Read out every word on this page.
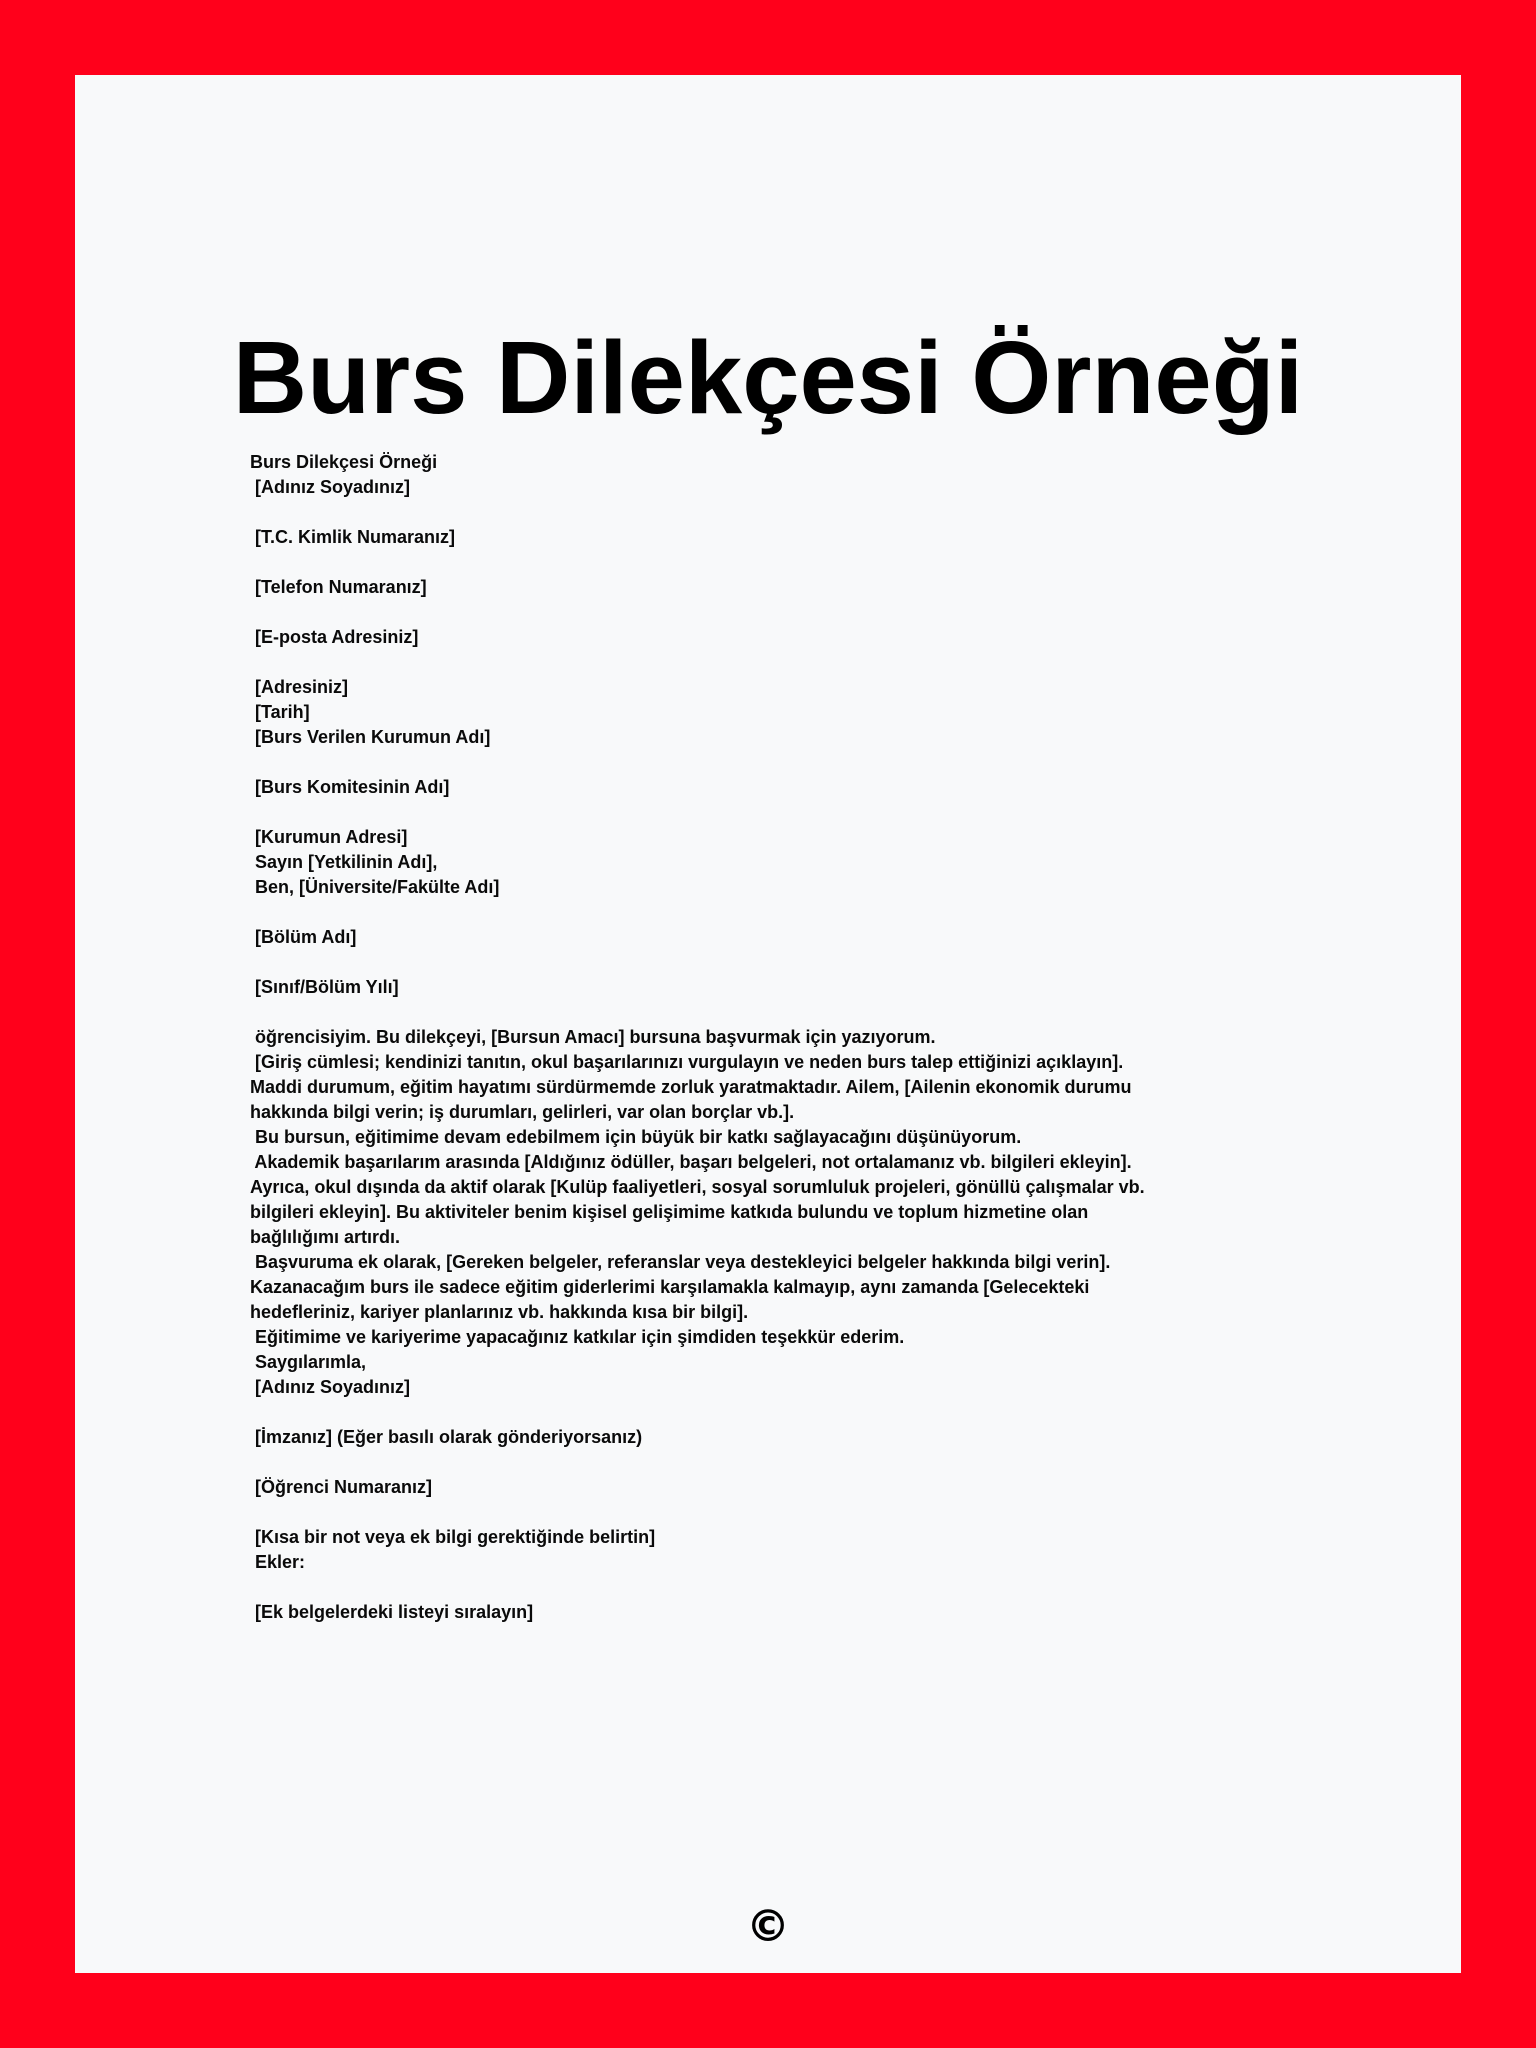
Burs Dilekçesi Örneği
Burs Dilekçesi Örneği
[Adınız Soyadınız]
[T.C. Kimlik Numaranız]
[Telefon Numaranız]
[E-posta Adresiniz]
[Adresiniz]
[Tarih]
[Burs Verilen Kurumun Adı]
[Burs Komitesinin Adı]
[Kurumun Adresi]
Sayın [Yetkilinin Adı],
Ben, [Üniversite/Fakülte Adı]
[Bölüm Adı]
[Sınıf/Bölüm Yılı]
öğrencisiyim. Bu dilekçeyi, [Bursun Amacı] bursuna başvurmak için yazıyorum.
[Giriş cümlesi; kendinizi tanıtın, okul başarılarınızı vurgulayın ve neden burs talep ettiğinizi açıklayın].
Maddi durumum, eğitim hayatımı sürdürmemde zorluk yaratmaktadır. Ailem, [Ailenin ekonomik durumu
hakkında bilgi verin; iş durumları, gelirleri, var olan borçlar vb.].
Bu bursun, eğitimime devam edebilmem için büyük bir katkı sağlayacağını düşünüyorum.
Akademik başarılarım arasında [Aldığınız ödüller, başarı belgeleri, not ortalamanız vb. bilgileri ekleyin].
Ayrıca, okul dışında da aktif olarak [Kulüp faaliyetleri, sosyal sorumluluk projeleri, gönüllü çalışmalar vb.
bilgileri ekleyin]. Bu aktiviteler benim kişisel gelişimime katkıda bulundu ve toplum hizmetine olan
bağlılığımı artırdı.
Başvuruma ek olarak, [Gereken belgeler, referanslar veya destekleyici belgeler hakkında bilgi verin].
Kazanacağım burs ile sadece eğitim giderlerimi karşılamakla kalmayıp, aynı zamanda [Gelecekteki
hedefleriniz, kariyer planlarınız vb. hakkında kısa bir bilgi].
Eğitimime ve kariyerime yapacağınız katkılar için şimdiden teşekkür ederim.
Saygılarımla,
[Adınız Soyadınız]
[İmzanız] (Eğer basılı olarak gönderiyorsanız)
[Öğrenci Numaranız]
[Kısa bir not veya ek bilgi gerektiğinde belirtin]
Ekler:
[Ek belgelerdeki listeyi sıralayın]
©
